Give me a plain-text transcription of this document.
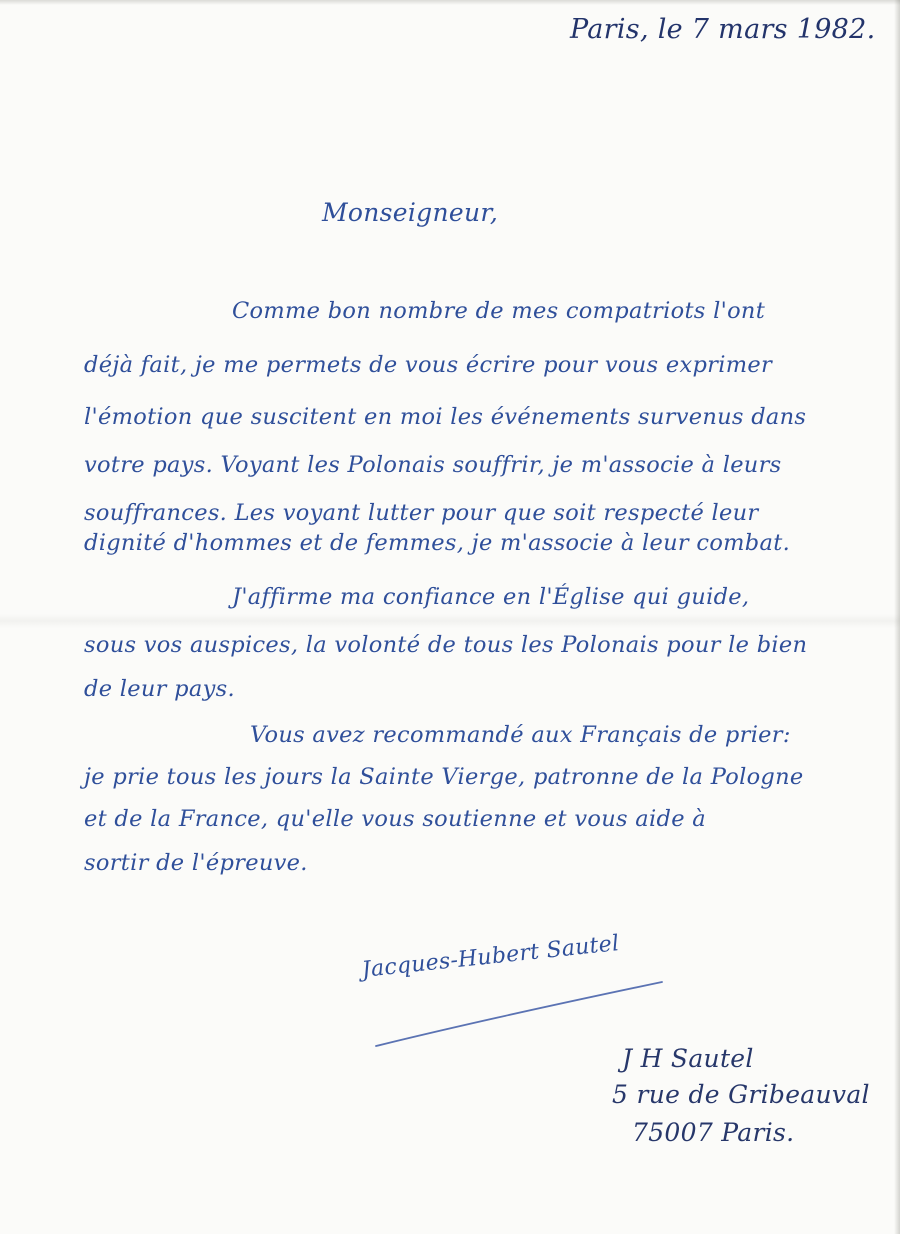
Paris, le 7 mars 1982.
Monseigneur,
Comme bon nombre de mes compatriots l'ont
déjà fait, je me permets de vous écrire pour vous exprimer
l'émotion que suscitent en moi les événements survenus dans
votre pays. Voyant les Polonais souffrir, je m'associe à leurs
souffrances. Les voyant lutter pour que soit respecté leur
dignité d'hommes et de femmes, je m'associe à leur combat.
J'affirme ma confiance en l'Église qui guide,
sous vos auspices, la volonté de tous les Polonais pour le bien
de leur pays.
Vous avez recommandé aux Français de prier:
je prie tous les jours la Sainte Vierge, patronne de la Pologne
et de la France, qu'elle vous soutienne et vous aide à
sortir de l'épreuve.
Jacques-Hubert Sautel
J H Sautel
5 rue de Gribeauval
75007 Paris.
